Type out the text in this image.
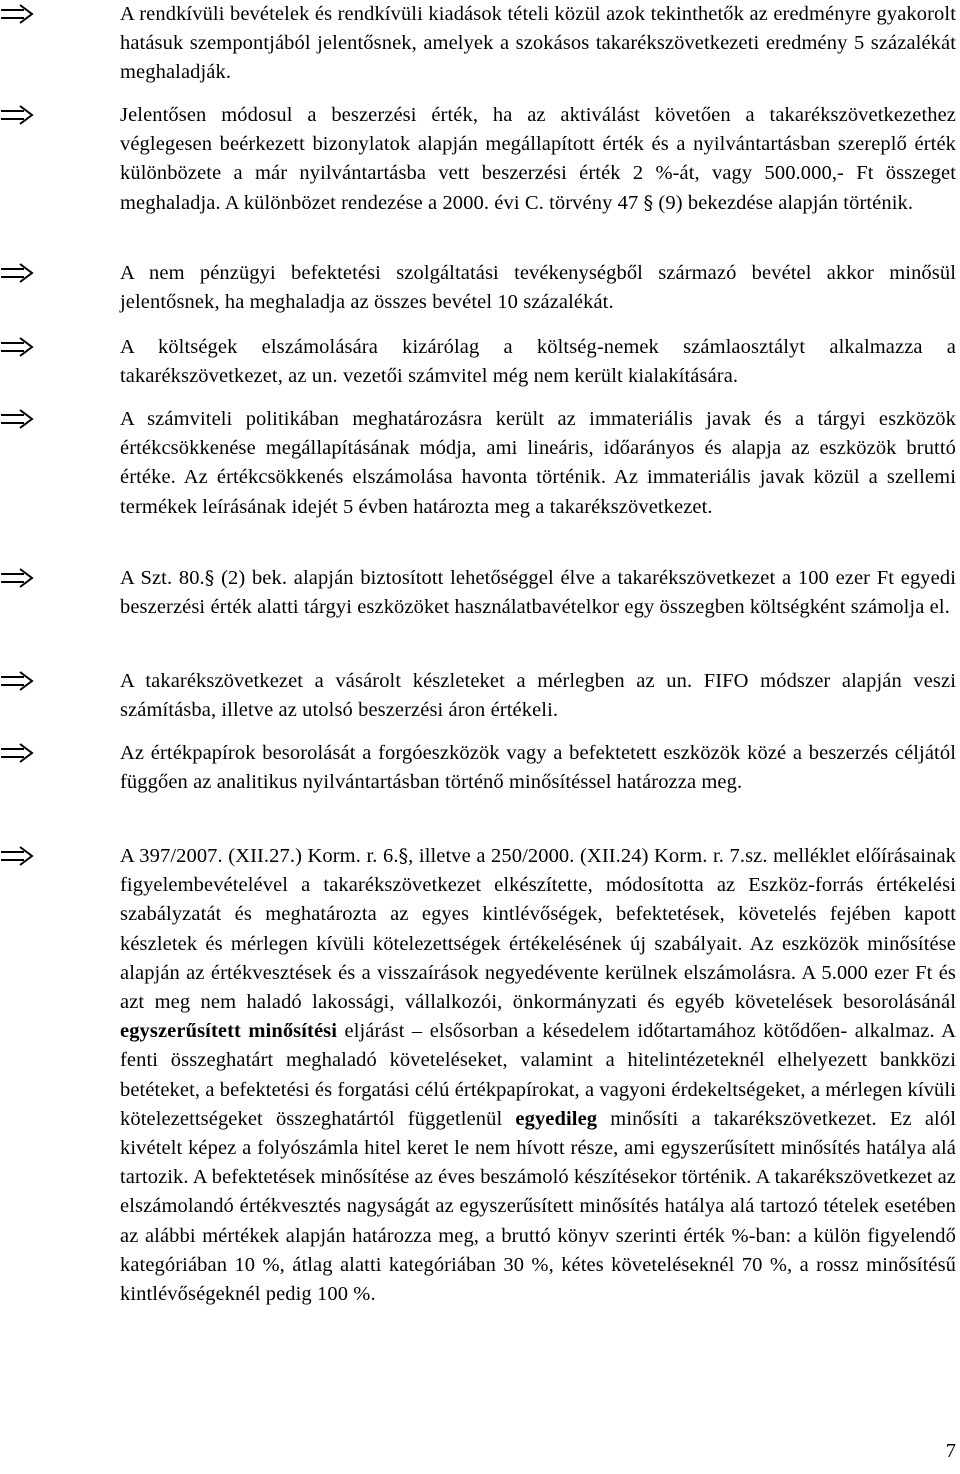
A rendkívüli bevételek és rendkívüli kiadások tételi közül azok tekinthetők az eredményre gyakorolt hatásuk szempontjából jelentősnek, amelyek a szokásos takarékszövetkezeti eredmény 5 százalékát meghaladják.
Jelentősen módosul a beszerzési érték, ha az aktiválást követően a takarékszövetkezethez véglegesen beérkezett bizonylatok alapján megállapított érték és a nyilvántartásban szereplő érték különbözete a már nyilvántartásba vett beszerzési érték 2 %-át, vagy 500.000,- Ft összeget meghaladja. A különbözet rendezése a 2000. évi C. törvény 47 § (9) bekezdése alapján történik.
A nem pénzügyi befektetési szolgáltatási tevékenységből származó bevétel akkor minősül jelentősnek, ha meghaladja az összes bevétel 10 százalékát.
A költségek elszámolására kizárólag a költség-nemek számlaosztályt alkalmazza a takarékszövetkezet, az un. vezetői számvitel még nem került kialakítására.
A számviteli politikában meghatározásra került az immateriális javak és a tárgyi eszközök értékcsökkenése megállapításának módja, ami lineáris, időarányos és alapja az eszközök bruttó értéke. Az értékcsökkenés elszámolása havonta történik. Az immateriális javak közül a szellemi termékek leírásának idejét 5 évben határozta meg a takarékszövetkezet.
A Szt. 80.§ (2) bek. alapján biztosított lehetőséggel élve a takarékszövetkezet a 100 ezer Ft egyedi beszerzési érték alatti tárgyi eszközöket használatbavételkor egy összegben költségként számolja el.
A takarékszövetkezet a vásárolt készleteket a mérlegben az un. FIFO módszer alapján veszi számításba, illetve az utolsó beszerzési áron értékeli.
Az értékpapírok besorolását a forgóeszközök vagy a befektetett eszközök közé a beszerzés céljától függően az analitikus nyilvántartásban történő minősítéssel határozza meg.
A 397/2007. (XII.27.) Korm. r. 6.§, illetve a 250/2000. (XII.24) Korm. r. 7.sz. melléklet előírásainak figyelembevételével a takarékszövetkezet elkészítette, módosította az Eszköz-forrás értékelési szabályzatát és meghatározta az egyes kintlévőségek, befektetések, követelés fejében kapott készletek és mérlegen kívüli kötelezettségek értékelésének új szabályait. Az eszközök minősítése alapján az értékvesztések és a visszaírások negyedévente kerülnek elszámolásra. A 5.000 ezer Ft és azt meg nem haladó lakossági, vállalkozói, önkormányzati és egyéb követelések besorolásánál egyszerűsített minősítési eljárást – elsősorban a késedelem időtartamához kötődően- alkalmaz. A fenti összeghatárt meghaladó követeléseket, valamint a hitelintézeteknél elhelyezett bankközi betéteket, a befektetési és forgatási célú értékpapírokat, a vagyoni érdekeltségeket, a mérlegen kívüli kötelezettségeket összeghatártól függetlenül egyedileg minősíti a takarékszövetkezet. Ez alól kivételt képez a folyószámla hitel keret le nem hívott része, ami egyszerűsített minősítés hatálya alá tartozik. A befektetések minősítése az éves beszámoló készítésekor történik. A takarékszövetkezet az elszámolandó értékvesztés nagyságát az egyszerűsített minősítés hatálya alá tartozó tételek esetében az alábbi mértékek alapján határozza meg, a bruttó könyv szerinti érték %-ban: a külön figyelendő kategóriában 10 %, átlag alatti kategóriában 30 %, kétes követeléseknél 70 %, a rossz minősítésű kintlévőségeknél pedig 100 %.
7
